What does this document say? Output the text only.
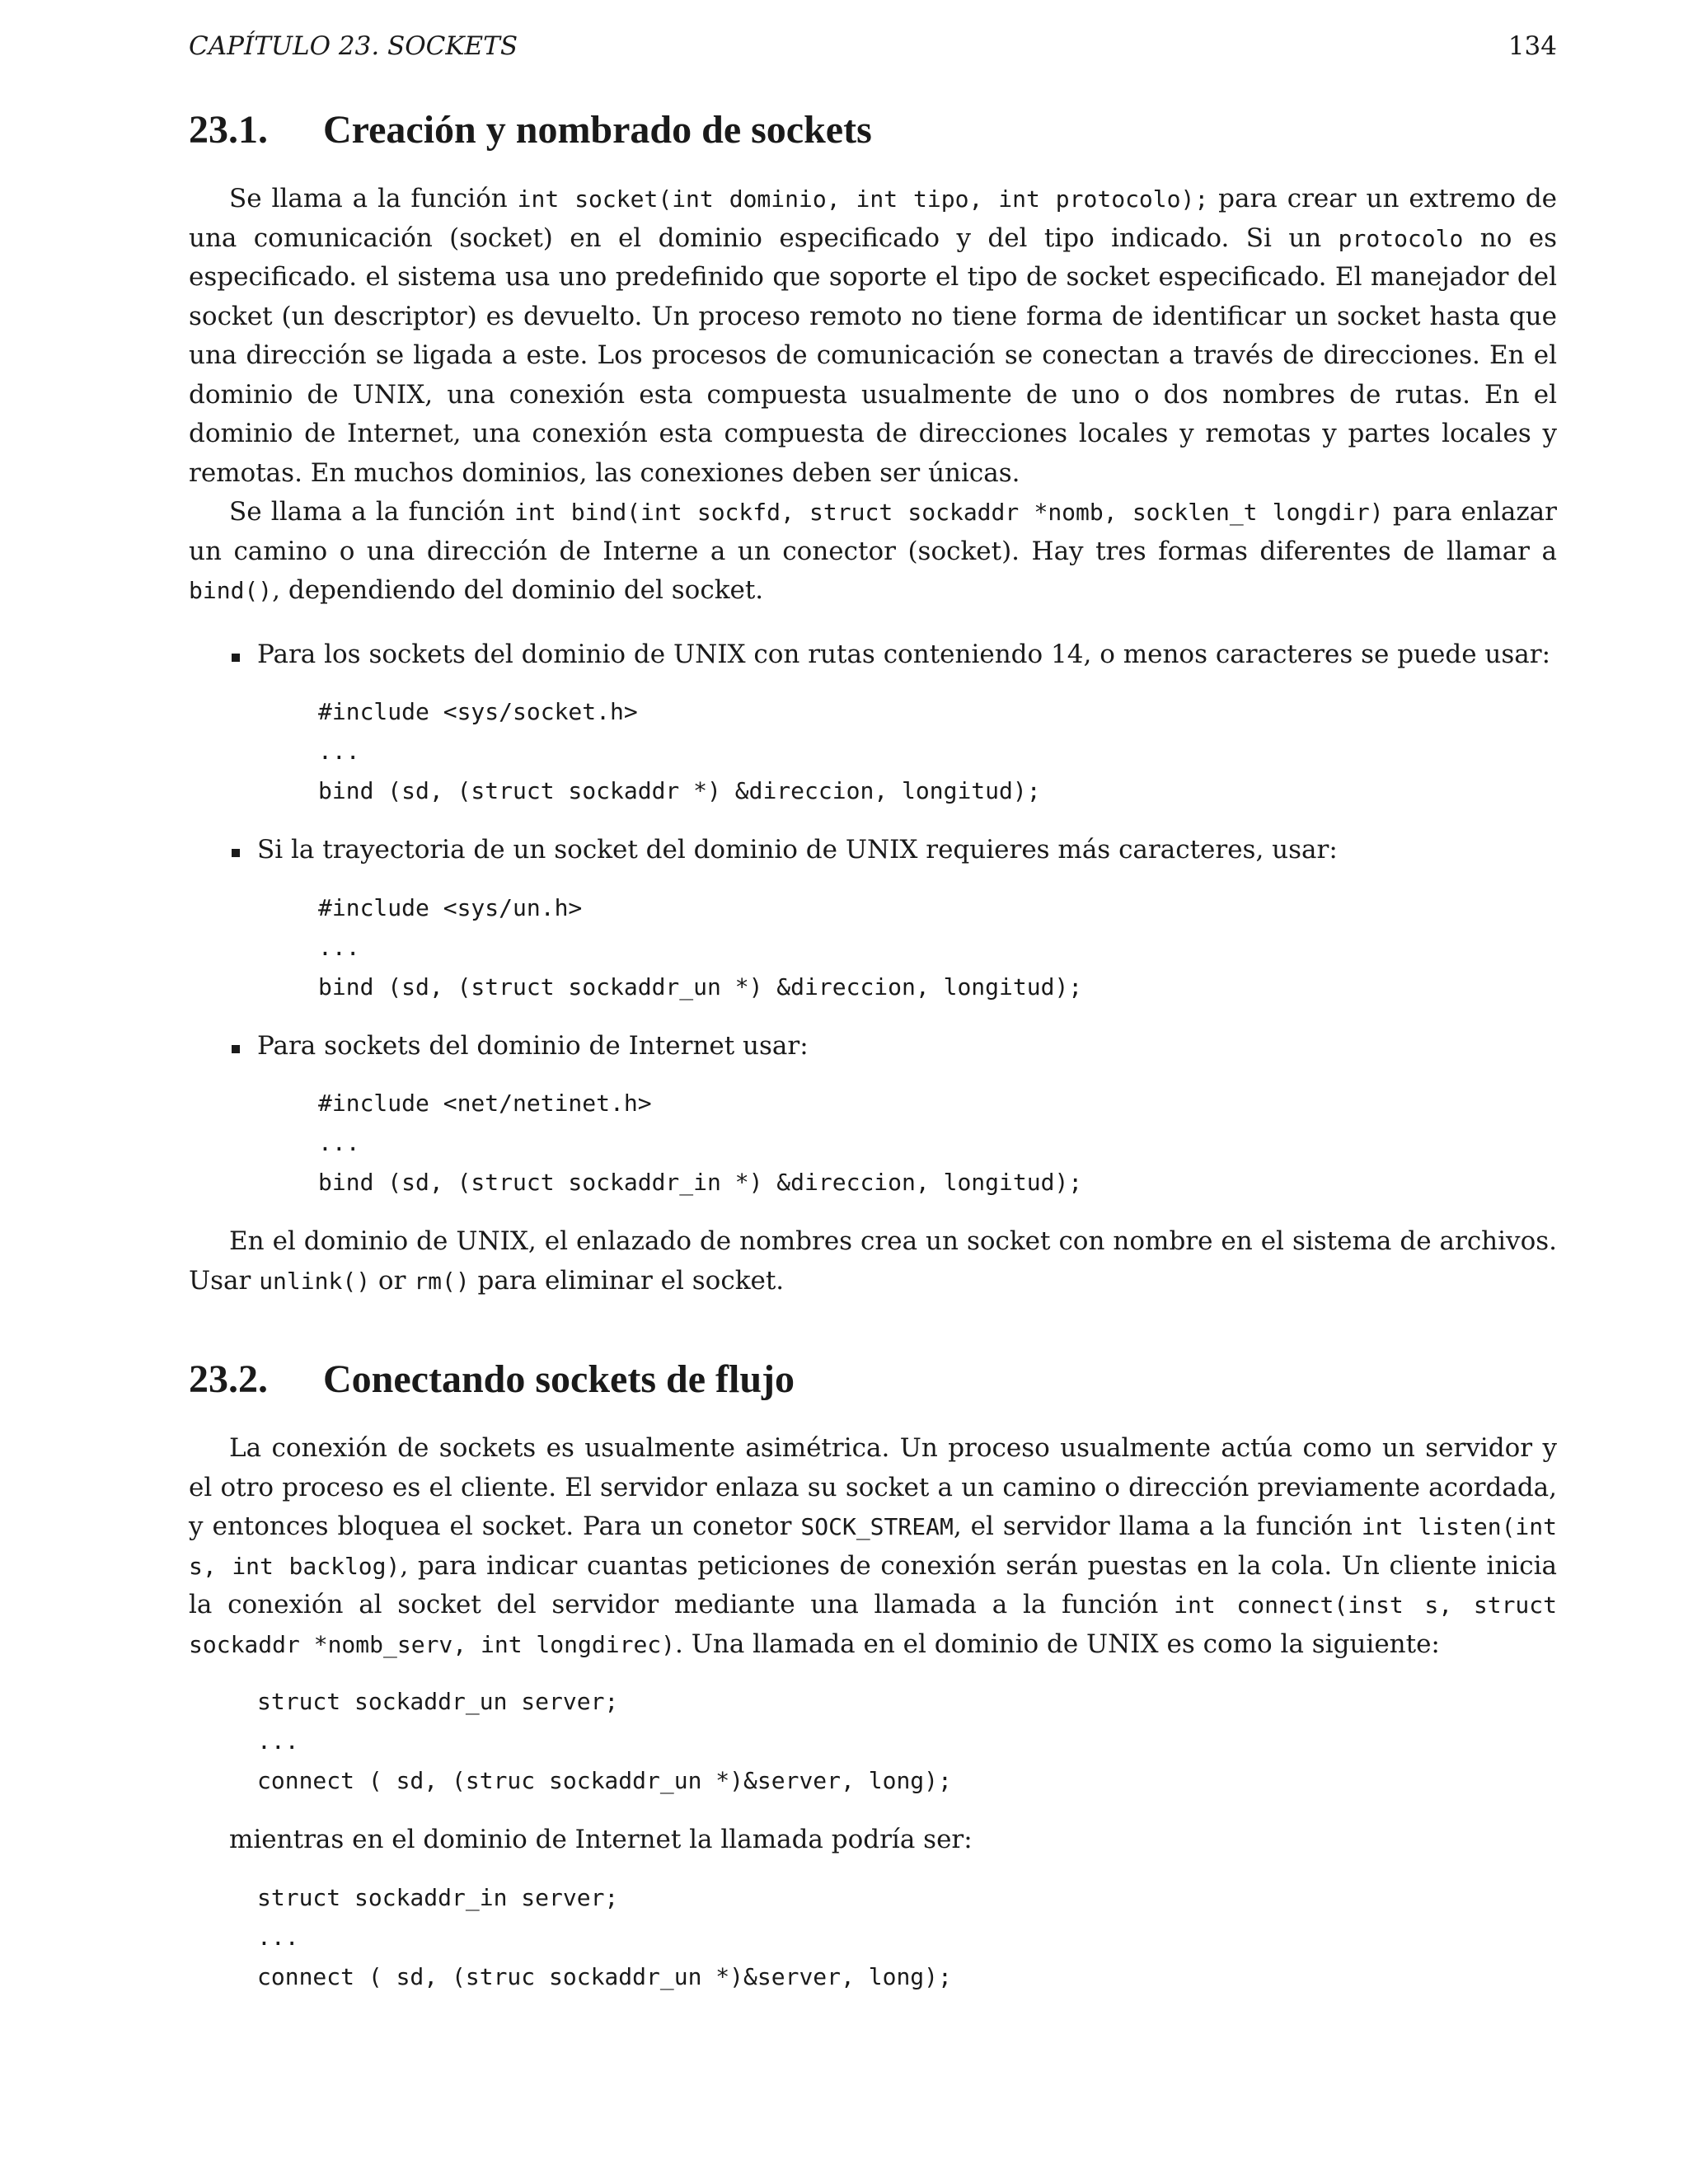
CAPÍTULO 23. SOCKETS	134
23.1.	Creación y nombrado de sockets

Se llama a la función int socket(int dominio, int tipo, int protocolo); para crear un extremo de una comunicación (socket) en el dominio especificado y del tipo indicado. Si un protocolo no es especificado. el sistema usa uno predefinido que soporte el tipo de socket especificado. El manejador del socket (un descriptor) es devuelto. Un proceso remoto no tiene forma de identificar un socket hasta que una dirección se ligada a este. Los procesos de comunicación se conectan a través de direcciones. En el dominio de UNIX, una conexión esta compuesta usualmente de uno o dos nombres de rutas. En el dominio de Internet, una conexión esta compuesta de direcciones locales y remotas y partes locales y remotas. En muchos dominios, las conexiones deben ser únicas.

Se llama a la función int bind(int sockfd, struct sockaddr *nomb, socklen_t longdir) para enlazar un camino o una dirección de Interne a un conector (socket). Hay tres formas diferentes de llamar a bind(), dependiendo del dominio del socket.

Para los sockets del dominio de UNIX con rutas conteniendo 14, o menos caracteres se puede usar:
#include <sys/socket.h>
...
bind (sd, (struct sockaddr *) &direccion, longitud);
Si la trayectoria de un socket del dominio de UNIX requieres más caracteres, usar:
#include <sys/un.h>
...
bind (sd, (struct sockaddr_un *) &direccion, longitud);
Para sockets del dominio de Internet usar:
#include <net/netinet.h>
...
bind (sd, (struct sockaddr_in *) &direccion, longitud);

En el dominio de UNIX, el enlazado de nombres crea un socket con nombre en el sistema de archivos. Usar unlink() or rm() para eliminar el socket.

23.2.	Conectando sockets de flujo

La conexión de sockets es usualmente asimétrica. Un proceso usualmente actúa como un servidor y el otro proceso es el cliente. El servidor enlaza su socket a un camino o dirección previamente acordada, y entonces bloquea el socket. Para un conetor SOCK_STREAM, el servidor llama a la función int listen(int s, int backlog), para indicar cuantas peticiones de conexión serán puestas en la cola. Un cliente inicia la conexión al socket del servidor mediante una llamada a la función int connect(inst s, struct sockaddr *nomb_serv, int longdirec). Una llamada en el dominio de UNIX es como la siguiente:

struct sockaddr_un server;
...
connect ( sd, (struc sockaddr_un *)&server, long);

mientras en el dominio de Internet la llamada podría ser:

struct sockaddr_in server;
...
connect ( sd, (struc sockaddr_un *)&server, long);
